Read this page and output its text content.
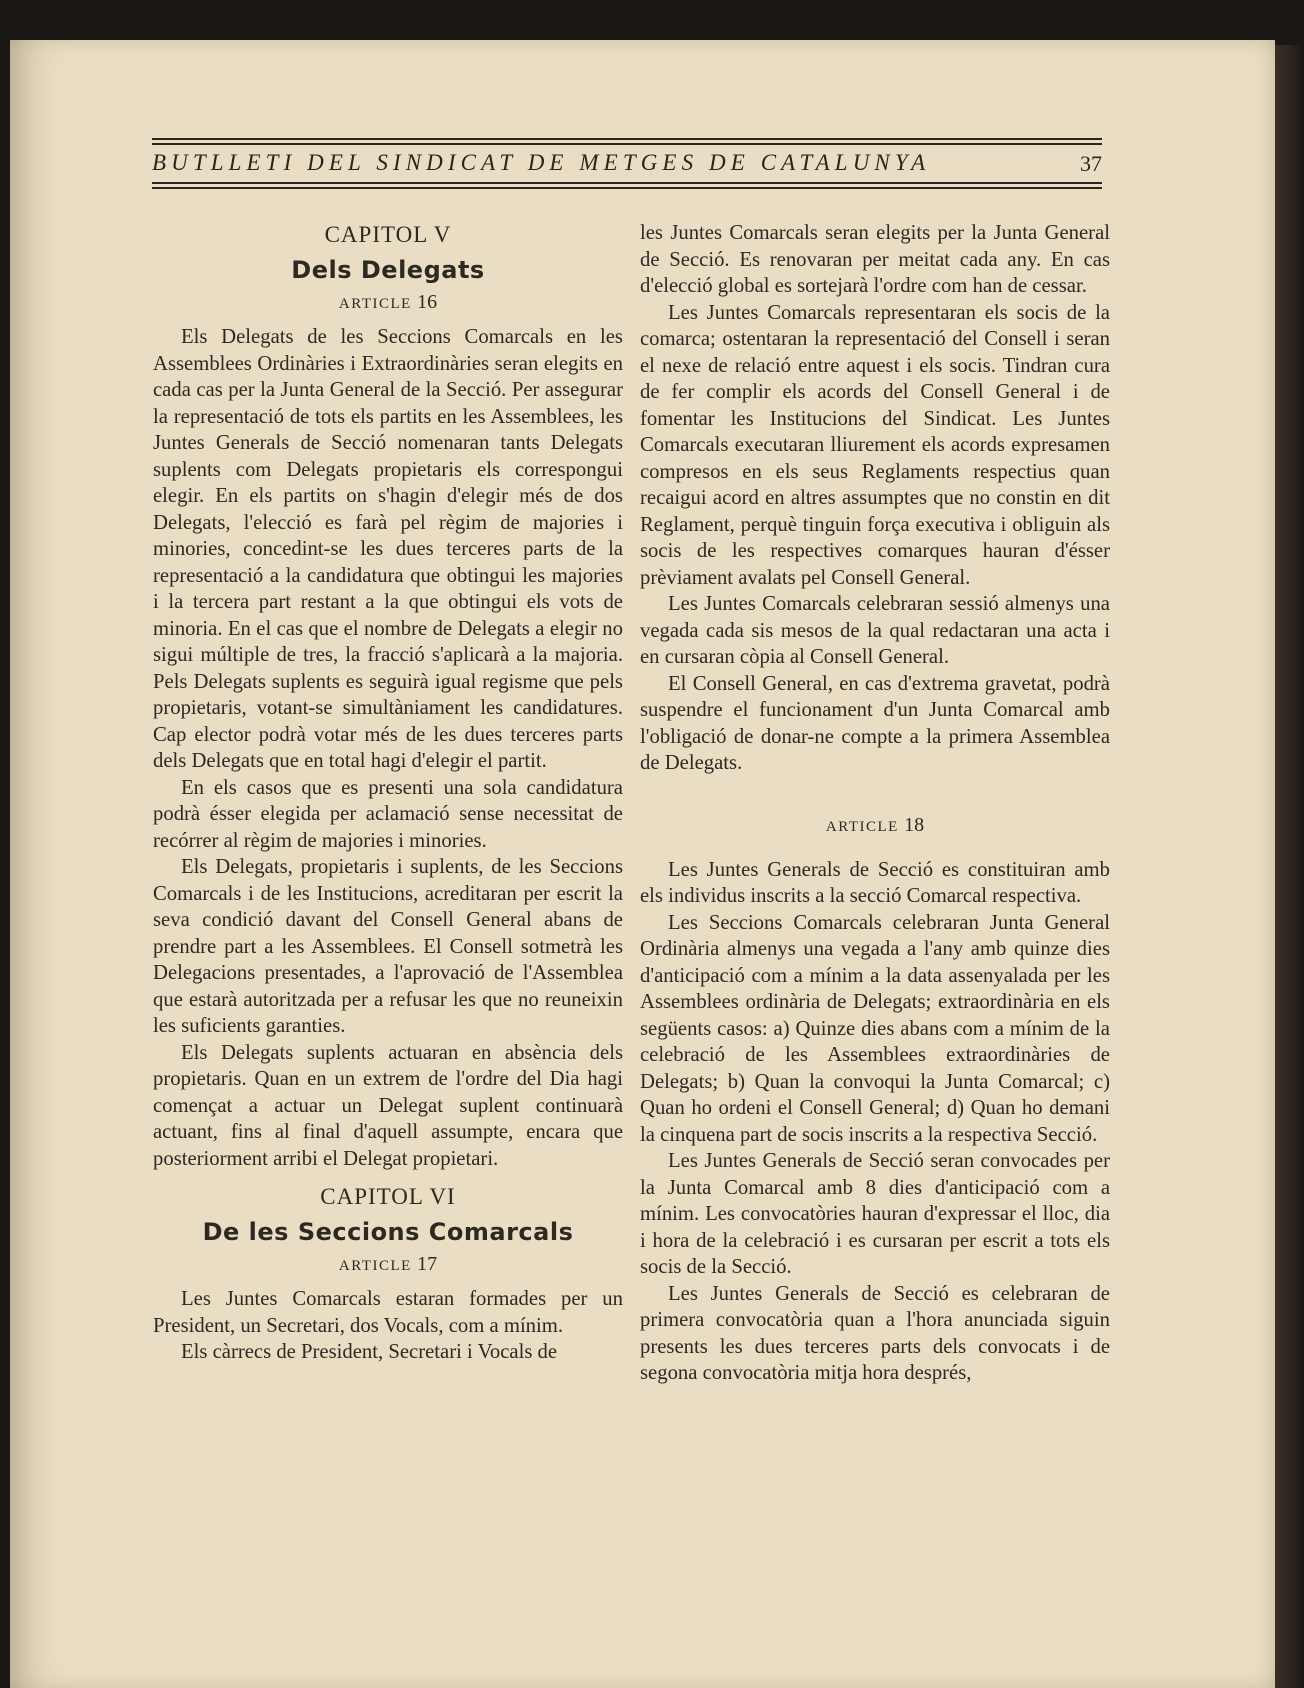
BUTLLETI DEL SINDICAT DE METGES DE CATALUNYA	37
CAPITOL V
Dels Delegats
ARTICLE 16

Els Delegats de les Seccions Comarcals en les Assemblees Ordinàries i Extraordinàries seran elegits en cada cas per la Junta General de la Secció. Per assegurar la representació de tots els partits en les Assemblees, les Juntes Generals de Secció nomenaran tants Delegats suplents com Delegats propietaris els correspongui elegir. En els partits on s'hagin d'elegir més de dos Delegats, l'elecció es farà pel règim de majories i minories, concedint-se les dues terceres parts de la representació a la candidatura que obtingui les majories i la tercera part restant a la que obtingui els vots de minoria. En el cas que el nombre de Delegats a elegir no sigui múltiple de tres, la fracció s'aplicarà a la majoria. Pels Delegats suplents es seguirà igual regisme que pels propietaris, votant-se simultàniament les candidatures. Cap elector podrà votar més de les dues terceres parts dels Delegats que en total hagi d'elegir el partit.

En els casos que es presenti una sola candidatura podrà ésser elegida per aclamació sense necessitat de recórrer al règim de majories i minories.

Els Delegats, propietaris i suplents, de les Seccions Comarcals i de les Institucions, acreditaran per escrit la seva condició davant del Consell General abans de prendre part a les Assemblees. El Consell sotmetrà les Delegacions presentades, a l'aprovació de l'Assemblea que estarà autoritzada per a refusar les que no reuneixin les suficients garanties.

Els Delegats suplents actuaran en absència dels propietaris. Quan en un extrem de l'ordre del Dia hagi començat a actuar un Delegat suplent continuarà actuant, fins al final d'aquell assumpte, encara que posteriorment arribi el Delegat propietari.

CAPITOL VI
De les Seccions Comarcals
ARTICLE 17

Les Juntes Comarcals estaran formades per un President, un Secretari, dos Vocals, com a mínim.

Els càrrecs de President, Secretari i Vocals de

les Juntes Comarcals seran elegits per la Junta General de Secció. Es renovaran per meitat cada any. En cas d'elecció global es sortejarà l'ordre com han de cessar.

Les Juntes Comarcals representaran els socis de la comarca; ostentaran la representació del Consell i seran el nexe de relació entre aquest i els socis. Tindran cura de fer complir els acords del Consell General i de fomentar les Institucions del Sindicat. Les Juntes Comarcals executaran lliurement els acords expresamen compresos en els seus Reglaments respectius quan recaigui acord en altres assumptes que no constin en dit Reglament, perquè tinguin força executiva i obliguin als socis de les respectives comarques hauran d'ésser prèviament avalats pel Consell General.

Les Juntes Comarcals celebraran sessió almenys una vegada cada sis mesos de la qual redactaran una acta i en cursaran còpia al Consell General.

El Consell General, en cas d'extrema gravetat, podrà suspendre el funcionament d'un Junta Comarcal amb l'obligació de donar-ne compte a la primera Assemblea de Delegats.

ARTICLE 18

Les Juntes Generals de Secció es constituiran amb els individus inscrits a la secció Comarcal respectiva.

Les Seccions Comarcals celebraran Junta General Ordinària almenys una vegada a l'any amb quinze dies d'anticipació com a mínim a la data assenyalada per les Assemblees ordinària de Delegats; extraordinària en els següents casos: a) Quinze dies abans com a mínim de la celebració de les Assemblees extraordinàries de Delegats; b) Quan la convoqui la Junta Comarcal; c) Quan ho ordeni el Consell General; d) Quan ho demani la cinquena part de socis inscrits a la respectiva Secció.

Les Juntes Generals de Secció seran convocades per la Junta Comarcal amb 8 dies d'anticipació com a mínim. Les convocatòries hauran d'expressar el lloc, dia i hora de la celebració i es cursaran per escrit a tots els socis de la Secció.

Les Juntes Generals de Secció es celebraran de primera convocatòria quan a l'hora anunciada siguin presents les dues terceres parts dels convocats i de segona convocatòria mitja hora després,
